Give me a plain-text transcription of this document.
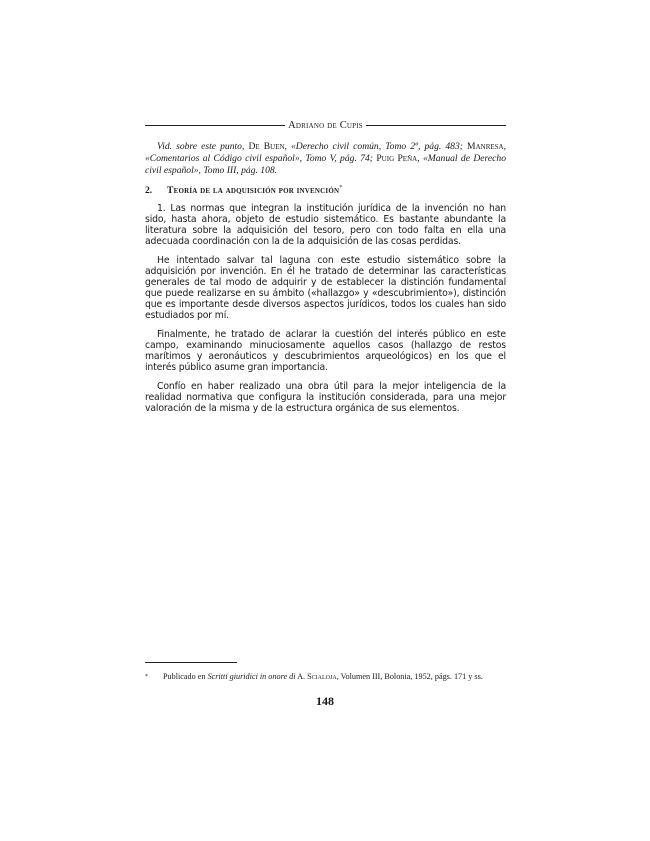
Adriano de Cupis
Vid. sobre este punto, De Buen, «Derecho civil común, Tomo 2º, pág. 483; Manresa, «Comentarios al Código civil español», Tomo V, pág. 74; Puig Peña, «Manual de Derecho civil español», Tomo III, pág. 108.
2.	Teoría de la adquisición por invención*

1. Las normas que integran la institución jurídica de la invención no han sido, hasta ahora, objeto de estudio sistemático. Es bastante abundante la literatura sobre la adquisición del tesoro, pero con todo falta en ella una adecuada coordinación con la de la adquisición de las cosas perdidas.

He intentado salvar tal laguna con este estudio sistemático sobre la adquisición por invención. En él he tratado de determinar las características generales de tal modo de adquirir y de establecer la distinción fundamental que puede realizarse en su ámbito («hallazgo» y «descubrimiento»), distinción que es importante desde diversos aspectos jurídicos, todos los cuales han sido estudiados por mí.

Finalmente, he tratado de aclarar la cuestión del interés público en este campo, examinando minuciosamente aquellos casos (hallazgo de restos marítimos y aeronáuticos y descubrimientos arqueológicos) en los que el interés público asume gran importancia.

Confío en haber realizado una obra útil para la mejor inteligencia de la realidad normativa que configura la institución considerada, para una mejor valoración de la misma y de la estructura orgánica de sus elementos.

*	Publicado en Scritti giuridici in onore di A. Scialoja, Volumen III, Bolonia, 1952, págs. 171 y ss.
148
